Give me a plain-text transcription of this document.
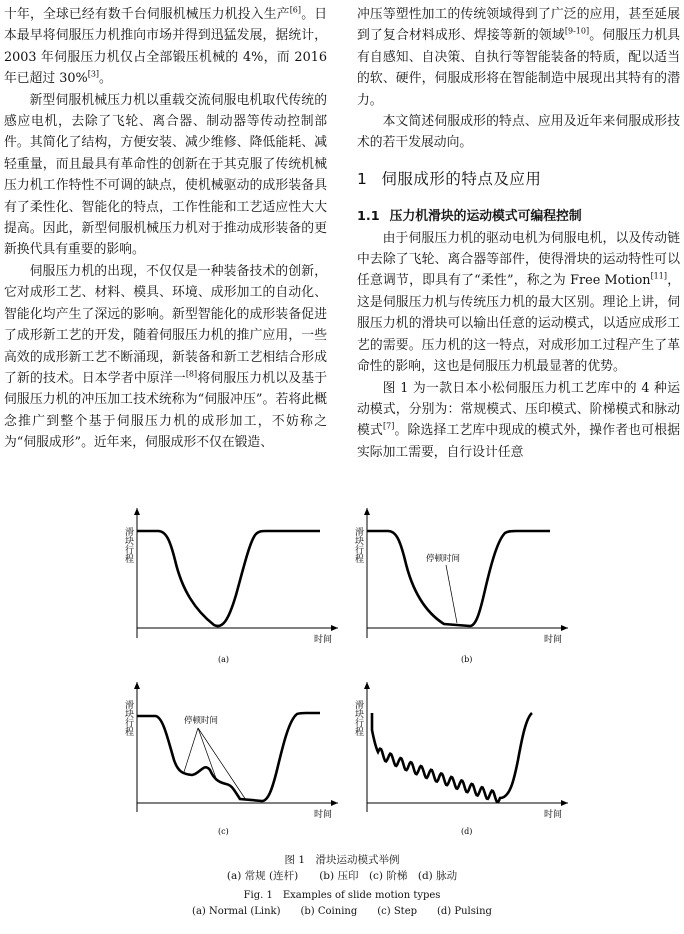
十年，全球已经有数千台伺服机械压力机投入生产[6]。日本最早将伺服压力机推向市场并得到迅猛发展，据统计，2003 年伺服压力机仅占全部锻压机械的 4%，而 2016 年已超过 30%[3]。

新型伺服机械压力机以重载交流伺服电机取代传统的感应电机，去除了飞轮、离合器、制动器等传动控制部件。其简化了结构，方便安装、减少维修、降低能耗、减轻重量，而且最具有革命性的创新在于其克服了传统机械压力机工作特性不可调的缺点，使机械驱动的成形装备具有了柔性化、智能化的特点，工作性能和工艺适应性大大提高。因此，新型伺服机械压力机对于推动成形装备的更新换代具有重要的影响。

伺服压力机的出现，不仅仅是一种装备技术的创新，它对成形工艺、材料、模具、环境、成形加工的自动化、智能化均产生了深远的影响。新型智能化的成形装备促进了成形新工艺的开发，随着伺服压力机的推广应用，一些高效的成形新工艺不断涌现，新装备和新工艺相结合形成了新的技术。日本学者中原洋一[8]将伺服压力机以及基于伺服压力机的冲压加工技术统称为“伺服冲压”。若将此概念推广到整个基于伺服压力机的成形加工，不妨称之为“伺服成形”。近年来，伺服成形不仅在锻造、

冲压等塑性加工的传统领域得到了广泛的应用，甚至延展到了复合材料成形、焊接等新的领域[9-10]。伺服压力机具有自感知、自决策、自执行等智能装备的特质，配以适当的软、硬件，伺服成形将在智能制造中展现出其特有的潜力。

本文简述伺服成形的特点、应用及近年来伺服成形技术的若干发展动向。

1 伺服成形的特点及应用
1.1 压力机滑块的运动模式可编程控制

由于伺服压力机的驱动电机为伺服电机，以及传动链中去除了飞轮、离合器等部件，使得滑块的运动特性可以任意调节，即具有了“柔性”，称之为 Free Motion[11]，这是伺服压力机与传统压力机的最大区别。理论上讲，伺服压力机的滑块可以输出任意的运动模式，以适应成形工艺的需要。压力机的这一特点，对成形加工过程产生了革命性的影响，这也是伺服压力机最显著的优势。

图 1 为一款日本小松伺服压力机工艺库中的 4 种运动模式，分别为：常规模式、压印模式、阶梯模式和脉动模式[7]。除选择工艺库中现成的模式外，操作者也可根据实际加工需要，自行设计任意

滑块行程
时间
(a)
滑块行程
时间
停顿时间
(b)
滑块行程
时间
停顿时间
(c)
滑块行程
时间
(d)
图 1　滑块运动模式举例
(a) 常规 (连杆)　　(b) 压印　(c) 阶梯　(d) 脉动
Fig. 1　Examples of slide motion types
(a) Normal (Link)　　(b) Coining　　(c) Step　　(d) Pulsing
